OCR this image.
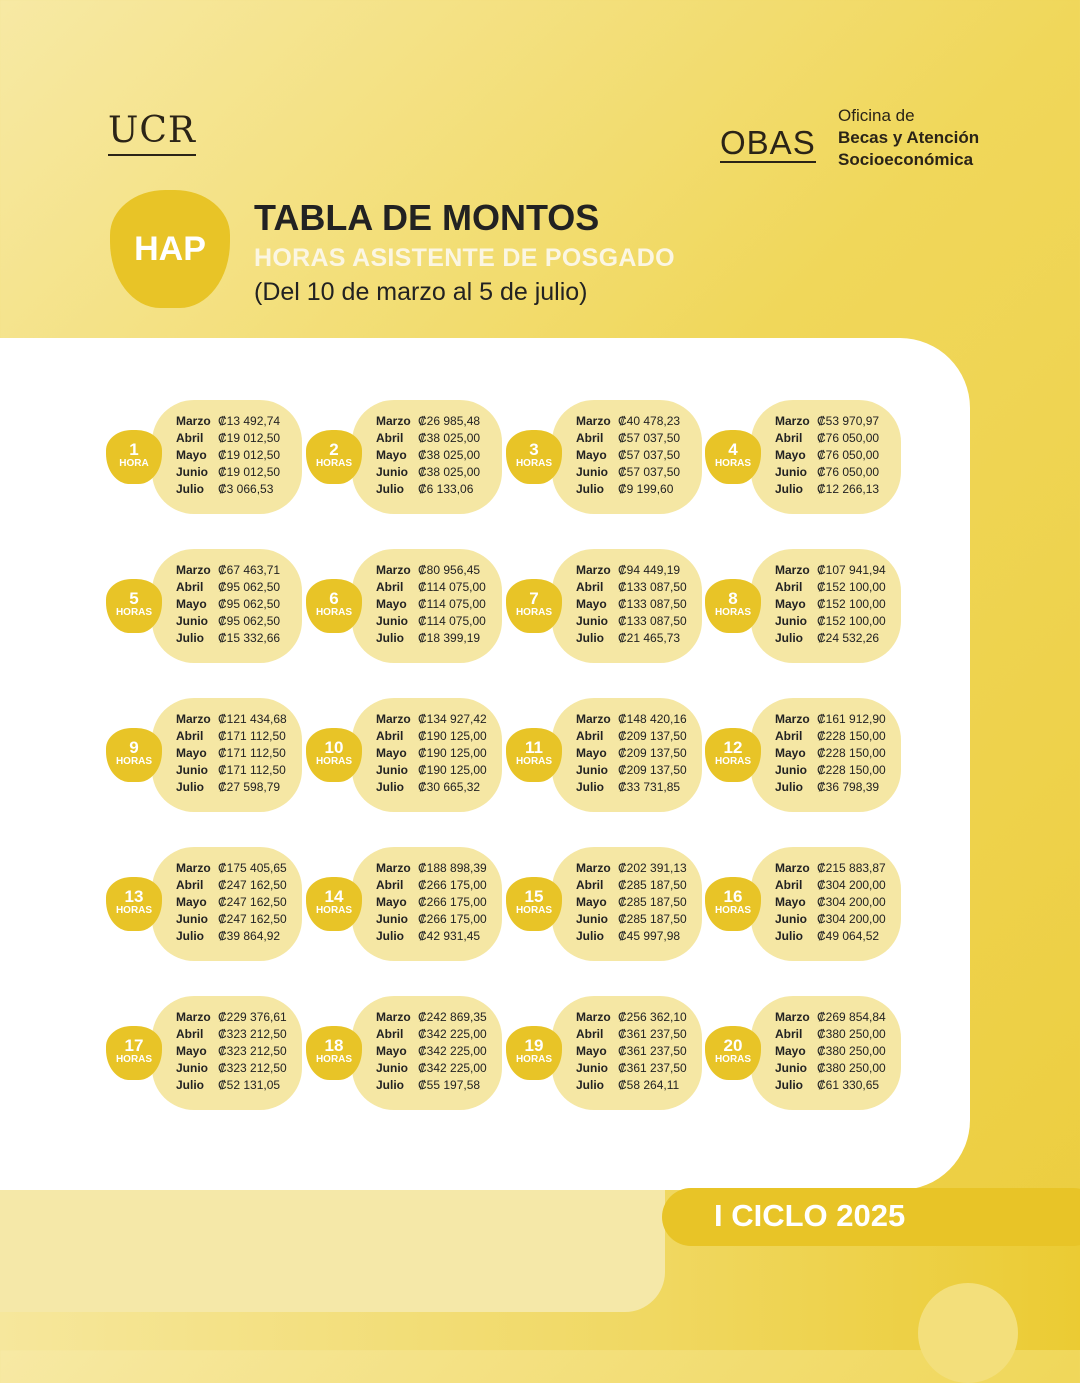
UCR	OBAS
Oficina de
Becas y Atención
Socioeconómica
HAP
TABLA DE MONTOS
HORAS ASISTENTE DE POSGADO
(Del 10 de marzo al 5 de julio)
1
HORA
Marzo ₡13 492,74
Abril ₡19 012,50
Mayo ₡19 012,50
Junio ₡19 012,50
Julio ₡3 066,53
2
HORAS
Marzo ₡26 985,48
Abril ₡38 025,00
Mayo ₡38 025,00
Junio ₡38 025,00
Julio ₡6 133,06
3
HORAS
Marzo ₡40 478,23
Abril ₡57 037,50
Mayo ₡57 037,50
Junio ₡57 037,50
Julio ₡9 199,60
4
HORAS
Marzo ₡53 970,97
Abril ₡76 050,00
Mayo ₡76 050,00
Junio ₡76 050,00
Julio ₡12 266,13
5
HORAS
Marzo ₡67 463,71
Abril ₡95 062,50
Mayo ₡95 062,50
Junio ₡95 062,50
Julio ₡15 332,66
6
HORAS
Marzo ₡80 956,45
Abril ₡114 075,00
Mayo ₡114 075,00
Junio ₡114 075,00
Julio ₡18 399,19
7
HORAS
Marzo ₡94 449,19
Abril ₡133 087,50
Mayo ₡133 087,50
Junio ₡133 087,50
Julio ₡21 465,73
8
HORAS
Marzo ₡107 941,94
Abril ₡152 100,00
Mayo ₡152 100,00
Junio ₡152 100,00
Julio ₡24 532,26
9
HORAS
Marzo ₡121 434,68
Abril ₡171 112,50
Mayo ₡171 112,50
Junio ₡171 112,50
Julio ₡27 598,79
10
HORAS
Marzo ₡134 927,42
Abril ₡190 125,00
Mayo ₡190 125,00
Junio ₡190 125,00
Julio ₡30 665,32
11
HORAS
Marzo ₡148 420,16
Abril ₡209 137,50
Mayo ₡209 137,50
Junio ₡209 137,50
Julio ₡33 731,85
12
HORAS
Marzo ₡161 912,90
Abril ₡228 150,00
Mayo ₡228 150,00
Junio ₡228 150,00
Julio ₡36 798,39
13
HORAS
Marzo ₡175 405,65
Abril ₡247 162,50
Mayo ₡247 162,50
Junio ₡247 162,50
Julio ₡39 864,92
14
HORAS
Marzo ₡188 898,39
Abril ₡266 175,00
Mayo ₡266 175,00
Junio ₡266 175,00
Julio ₡42 931,45
15
HORAS
Marzo ₡202 391,13
Abril ₡285 187,50
Mayo ₡285 187,50
Junio ₡285 187,50
Julio ₡45 997,98
16
HORAS
Marzo ₡215 883,87
Abril ₡304 200,00
Mayo ₡304 200,00
Junio ₡304 200,00
Julio ₡49 064,52
17
HORAS
Marzo ₡229 376,61
Abril ₡323 212,50
Mayo ₡323 212,50
Junio ₡323 212,50
Julio ₡52 131,05
18
HORAS
Marzo ₡242 869,35
Abril ₡342 225,00
Mayo ₡342 225,00
Junio ₡342 225,00
Julio ₡55 197,58
19
HORAS
Marzo ₡256 362,10
Abril ₡361 237,50
Mayo ₡361 237,50
Junio ₡361 237,50
Julio ₡58 264,11
20
HORAS
Marzo ₡269 854,84
Abril ₡380 250,00
Mayo ₡380 250,00
Junio ₡380 250,00
Julio ₡61 330,65
I CICLO 2025
